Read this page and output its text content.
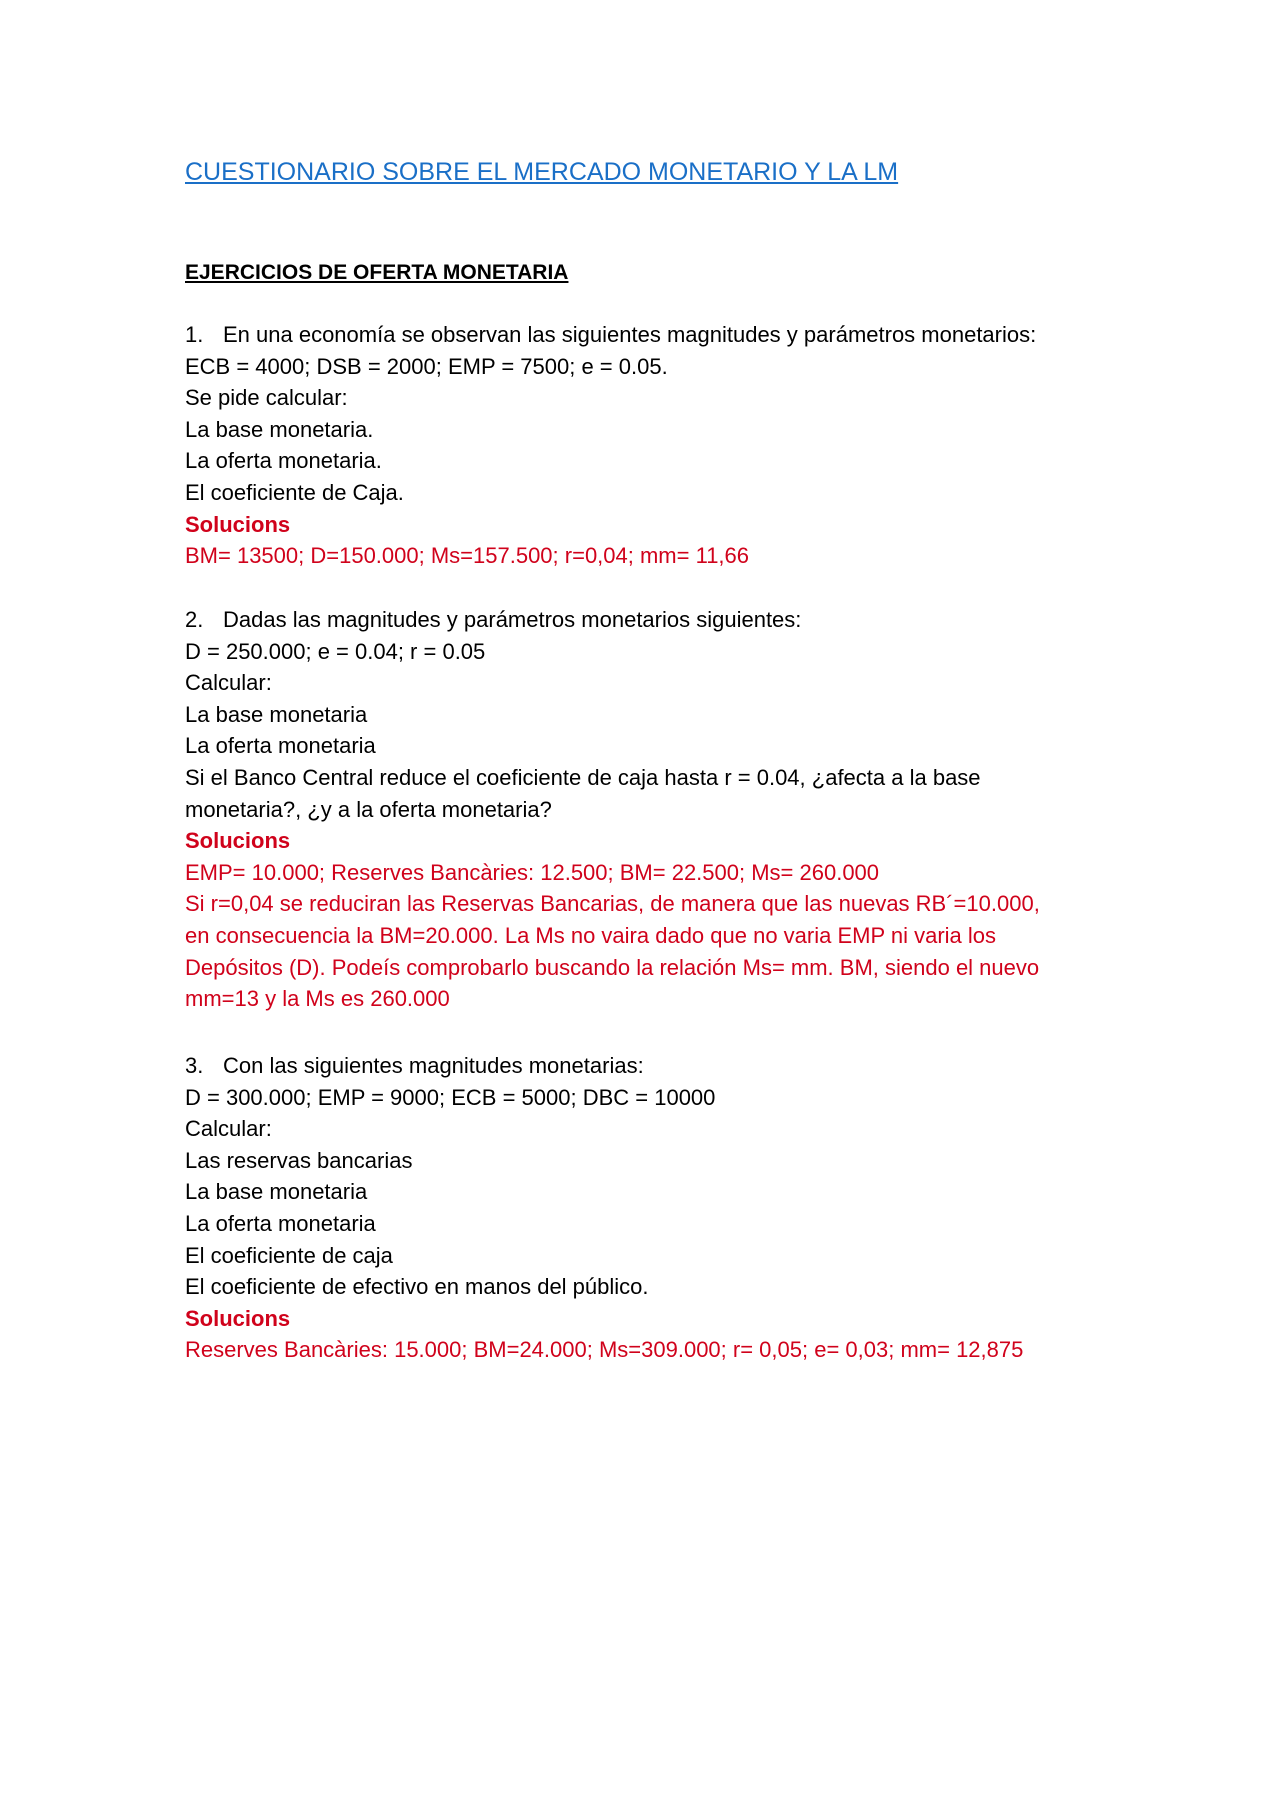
CUESTIONARIO SOBRE EL MERCADO MONETARIO Y LA LM
EJERCICIOS DE OFERTA MONETARIA

1. En una economía se observan las siguientes magnitudes y parámetros monetarios:

ECB = 4000; DSB = 2000; EMP = 7500; e = 0.05.

Se pide calcular:

La base monetaria.

La oferta monetaria.

El coeficiente de Caja.

Solucions

BM= 13500; D=150.000; Ms=157.500; r=0,04; mm= 11,66

2. Dadas las magnitudes y parámetros monetarios siguientes:

D = 250.000; e = 0.04; r = 0.05

Calcular:

La base monetaria

La oferta monetaria

Si el Banco Central reduce el coeficiente de caja hasta r = 0.04, ¿afecta a la base

monetaria?, ¿y a la oferta monetaria?

Solucions

EMP= 10.000; Reserves Bancàries: 12.500; BM= 22.500; Ms= 260.000

Si r=0,04 se reduciran las Reservas Bancarias, de manera que las nuevas RB´=10.000,

en consecuencia la BM=20.000. La Ms no vaira dado que no varia EMP ni varia los

Depósitos (D). Podeís comprobarlo buscando la relación Ms= mm. BM, siendo el nuevo

mm=13 y la Ms es 260.000

3. Con las siguientes magnitudes monetarias:

D = 300.000; EMP = 9000; ECB = 5000; DBC = 10000

Calcular:

Las reservas bancarias

La base monetaria

La oferta monetaria

El coeficiente de caja

El coeficiente de efectivo en manos del público.

Solucions

Reserves Bancàries: 15.000; BM=24.000; Ms=309.000; r= 0,05; e= 0,03; mm= 12,875
